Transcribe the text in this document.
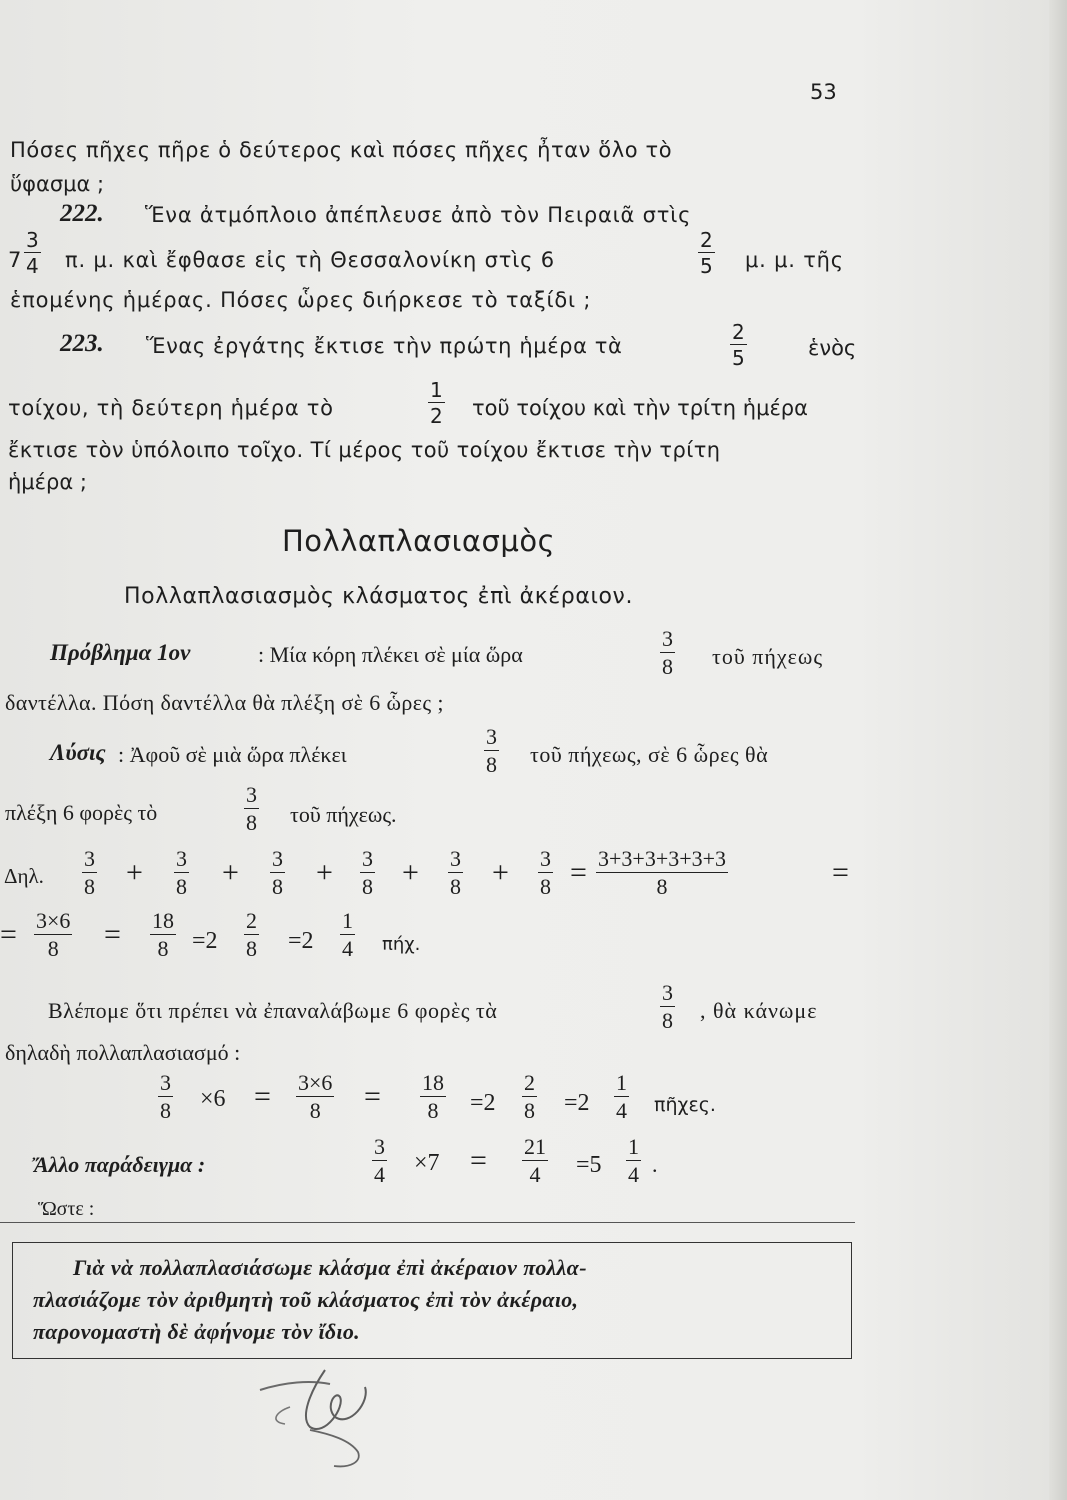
53
Πόσες πῆχες πῆρε ὁ δεύτερος καὶ πόσες πῆχες ἦταν ὅλο τὸ
ὕφασμα ;
222. Ἕνα ἀτμόπλοιο ἀπέπλευσε ἀπὸ τὸν Πειραιᾶ στὶς
$7 \frac{3}{4} \pi$. μ. καὶ ἔφθασε εἰς τὴ Θεσσαλονίκη στὶς 6	$\frac{2}{5} \mu$. μ. τῆς
ἑπομένης ἡμέρας. Πόσες ὧρες διήρκεσε τὸ ταξίδι ;
223. Ἕνας ἐργάτης ἔκτισε τὴν πρώτη ἡμέρα τὰ	$\frac{2}{5}$	ἑνὸς
τοίχου, τὴ δεύτερη ἡμέρα τὸ	$\frac{1}{2}$ τοῦ τοίχου καὶ τὴν τρίτη ἡμέρα
ἔκτισε τὸν ὑπόλοιπο τοῖχο. Τί μέρος τοῦ τοίχου ἔκτισε τὴν τρίτη
ἡμέρα ;
Πολλαπλασιασμὸς
Πολλαπλασιασμὸς κλάσματος ἐπὶ ἀκέραιον.
Πρόβλημα 1ον	: Μία κόρη πλέκει σὲ μία ὥρα	$\frac{3}{8}$ τοῦ πήχεως
δαντέλλα. Πόση δαντέλλα θὰ πλέξη σὲ 6 ὧρες ;
Λύσις : Ἀφοῦ σὲ μιὰ ὥρα πλέκει	$\frac{3}{8}$ τοῦ πήχεως, σὲ 6 ὧρες θὰ
πλέξη 6 φορὲς τὸ	$\frac{3}{8}$ τοῦ πήχεως.
Δηλ. $\frac{3}{8} + \frac{3}{8} + \frac{3}{8} + \frac{3}{8} + \frac{3}{8} + \frac{3}{8} = \frac{3+3+3+3+3+3}{8}$	=
= $\frac{3\times 6}{8} = \frac{18}{8} =2 \frac{2}{8} =2 \frac{1}{4} \pi ή\chi$.
Βλέπομε ὅτι πρέπει νὰ ἐπαναλάβωμε 6 φορὲς τὰ	$\frac{3}{8}$ , θὰ κάνωμε
δηλαδὴ πολλαπλασιασμό :
$\frac{3}{8} \times 6 = \frac{3\times 6}{8} = \frac{18}{8} =2 \frac{2}{8} =2 \frac{1}{4}$ πῆχες.
Ἄλλο παράδειγμα :	$\frac{3}{4} \times 7 = \frac{21}{4} =5 \frac{1}{4}$ .
Ὥστε :
Γιὰ νὰ πολλαπλασιάσωμε κλάσμα ἐπὶ ἀκέραιον πολλα-
πλασιάζομε τὸν ἀριθμητὴ τοῦ κλάσματος ἐπὶ τὸν ἀκέραιο,
παρονομαστὴ δὲ ἀφήνομε τὸν ἴδιο.
